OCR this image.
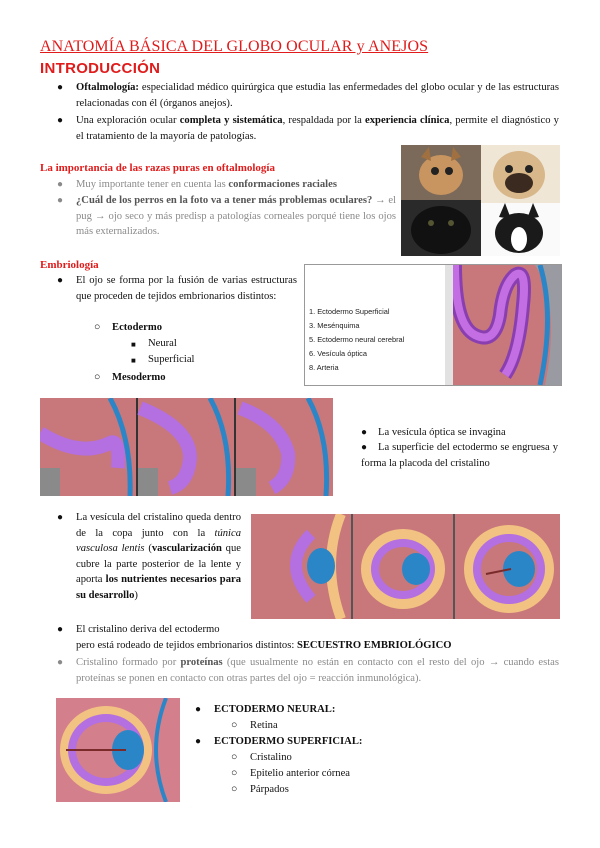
ANATOMÍA BÁSICA DEL GLOBO OCULAR y ANEJOS
INTRODUCCIÓN
● Oftalmología: especialidad médico quirúrgica que estudia las enfermedades del globo ocular y de las estructuras relacionadas con él (órganos anejos).
● Una exploración ocular completa y sistemática, respaldada por la experiencia clínica, permite el diagnóstico y el tratamiento de la mayoría de patologías.
La importancia de las razas puras en oftalmología
● Muy importante tener en cuenta las conformaciones raciales
● ¿Cuál de los perros en la foto va a tener más problemas oculares? → el pug → ojo seco y más predisp a patologías corneales porqué tiene los ojos más externalizados.
Embriología
● El ojo se forma por la fusión de varias estructuras que proceden de tejidos embrionarios distintos:
○ Ectodermo
■ Neural
■ Superficial
○ Mesodermo
1. Ectodermo Superficial
3. Mesénquima
5. Ectodermo neural cerebral
6. Vesícula óptica
8. Arteria
● La vesícula óptica se invagina
● La superficie del ectodermo se engruesa y forma la placoda del cristalino
● La vesícula del cristalino queda dentro de la copa junto con la túnica vasculosa lentis (vascularización que cubre la parte posterior de la lente y aporta los nutrientes necesarios para su desarrollo)
● El cristalino deriva del ectodermo
pero está rodeado de tejidos embrionarios distintos: SECUESTRO EMBRIOLÓGICO
● Cristalino formado por proteínas (que usualmente no están en contacto con el resto del ojo → cuando estas proteínas se ponen en contacto con otras partes del ojo = reacción inmunológica).
● ECTODERMO NEURAL:
○ Retina
● ECTODERMO SUPERFICIAL:
○ Cristalino
○ Epitelio anterior córnea
○ Párpados
